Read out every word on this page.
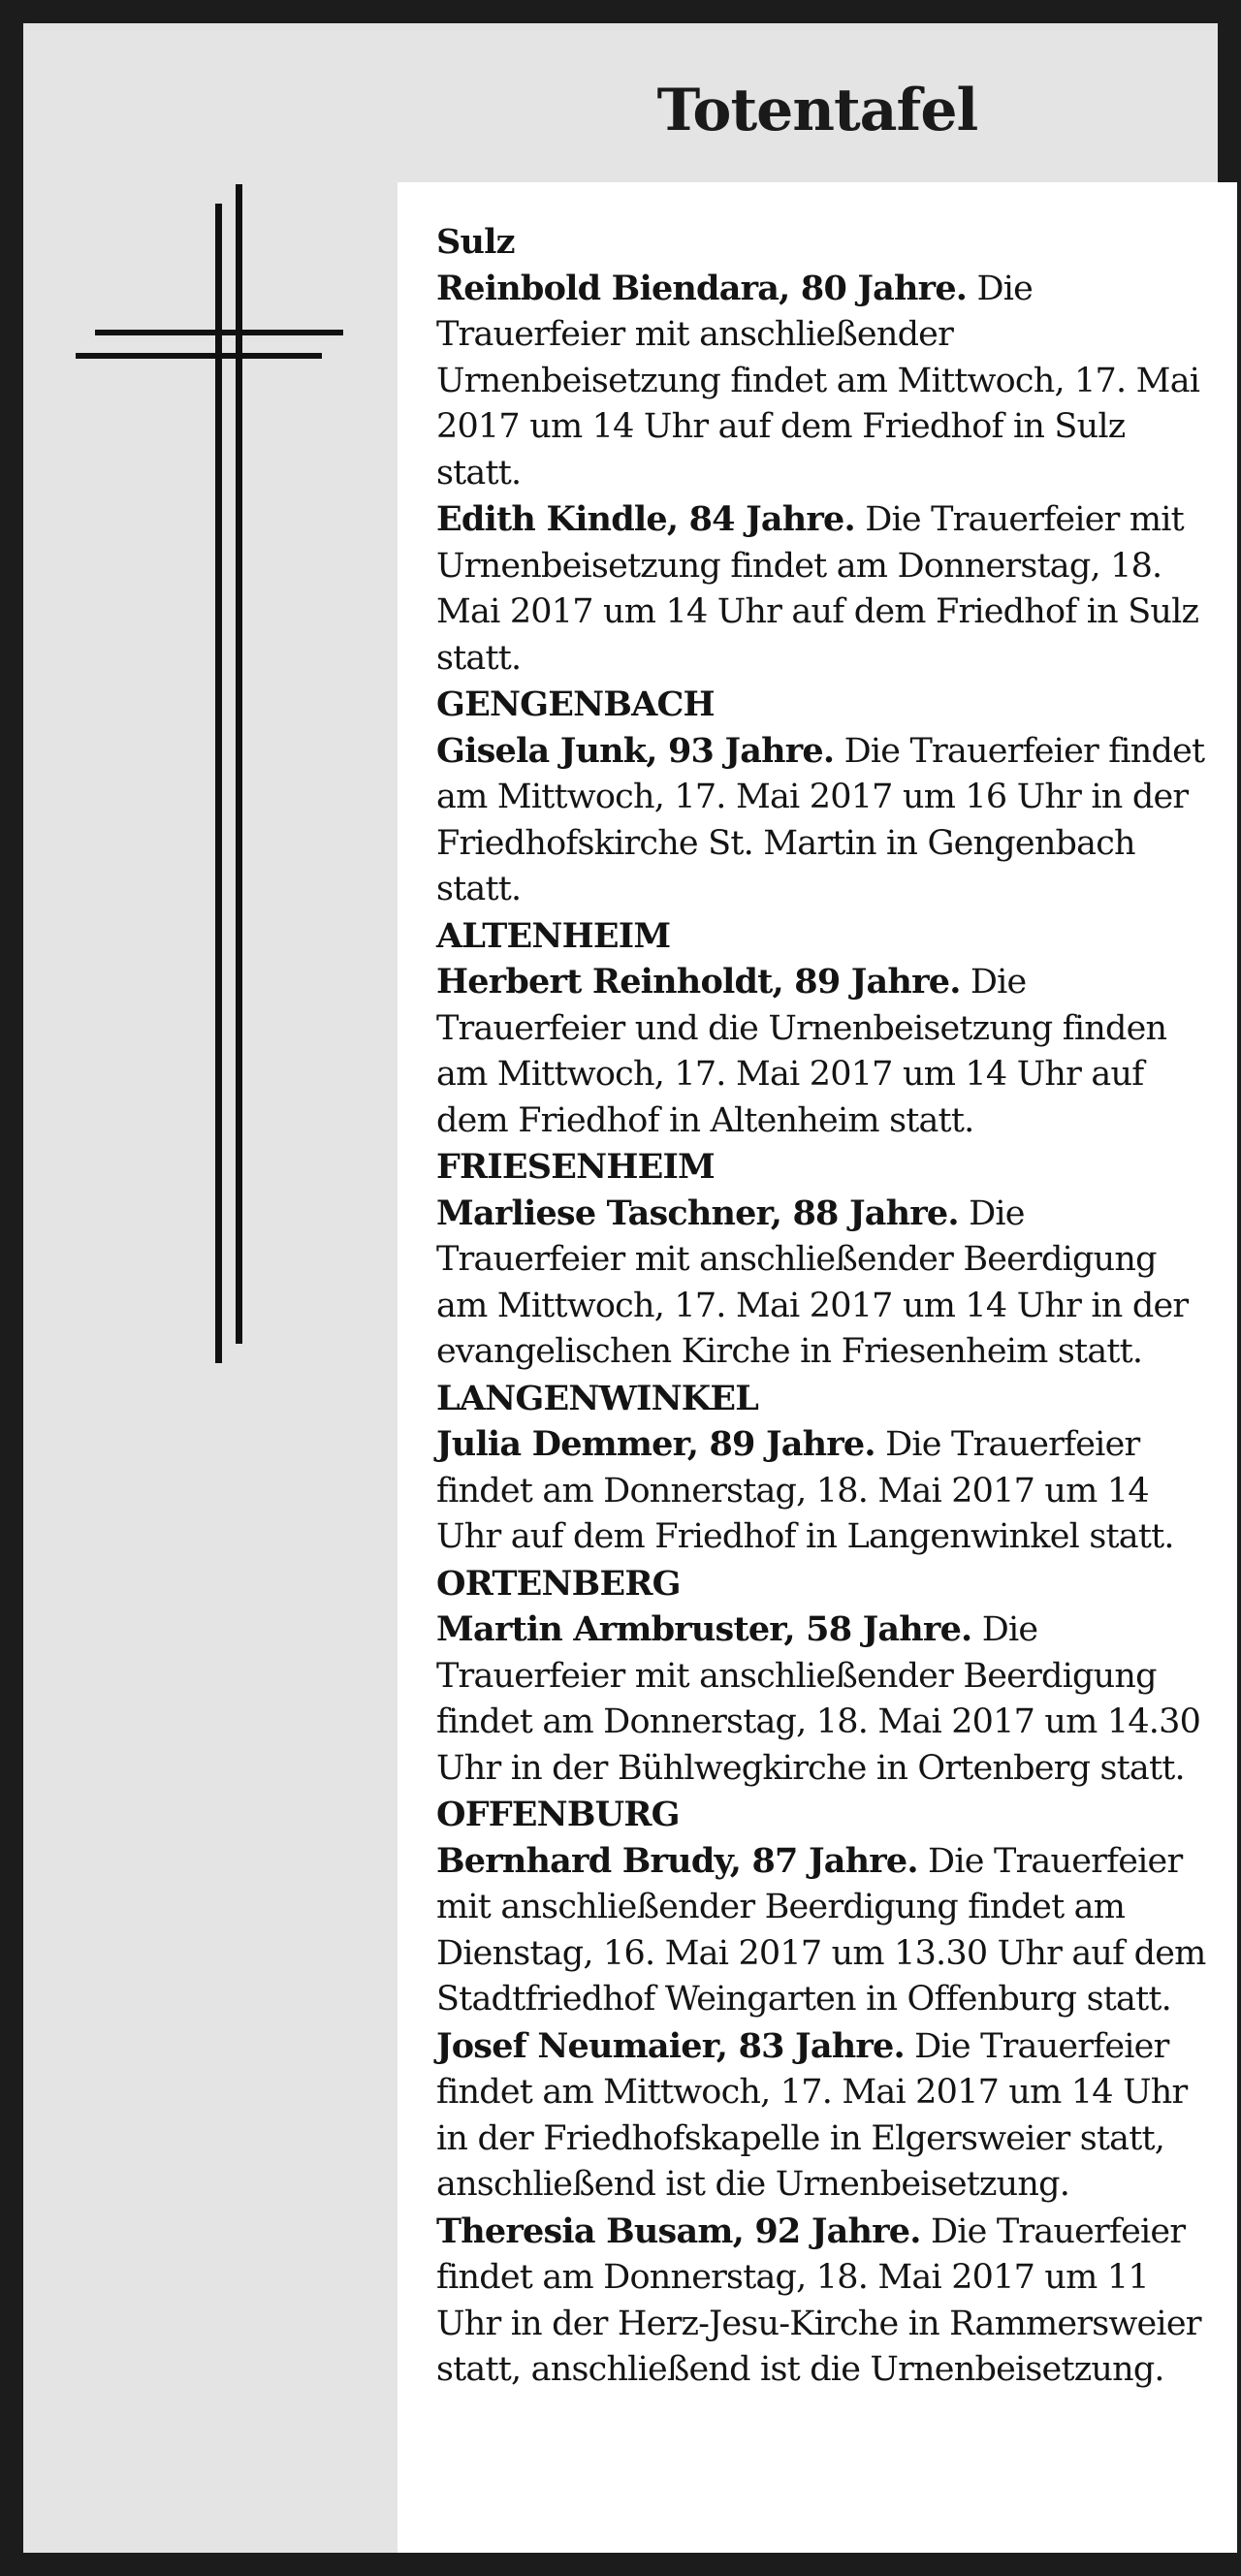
Totentafel
Sulz
Reinbold Biendara, 80 Jahre. Die Trauerfeier mit anschließender Urnenbeisetzung findet am Mittwoch, 17. Mai 2017 um 14 Uhr auf dem Friedhof in Sulz statt.
Edith Kindle, 84 Jahre. Die Trauerfeier mit Urnenbeisetzung findet am Donnerstag, 18. Mai 2017 um 14 Uhr auf dem Friedhof in Sulz statt.
GENGENBACH
Gisela Junk, 93 Jahre. Die Trauerfeier findet am Mittwoch, 17. Mai 2017 um 16 Uhr in der Friedhofskirche St. Martin in Gengenbach statt.
ALTENHEIM
Herbert Reinholdt, 89 Jahre. Die Trauerfeier und die Urnenbeisetzung finden am Mittwoch, 17. Mai 2017 um 14 Uhr auf dem Friedhof in Altenheim statt.
FRIESENHEIM
Marliese Taschner, 88 Jahre. Die Trauerfeier mit anschließender Beerdigung am Mittwoch, 17. Mai 2017 um 14 Uhr in der evangelischen Kirche in Friesenheim statt.
LANGENWINKEL
Julia Demmer, 89 Jahre. Die Trauerfeier findet am Donnerstag, 18. Mai 2017 um 14 Uhr auf dem Friedhof in Langenwinkel statt.
ORTENBERG
Martin Armbruster, 58 Jahre. Die Trauerfeier mit anschließender Beerdigung findet am Donnerstag, 18. Mai 2017 um 14.30 Uhr in der Bühlwegkirche in Ortenberg statt.
OFFENBURG
Bernhard Brudy, 87 Jahre. Die Trauerfeier mit anschließender Beerdigung findet am Dienstag, 16. Mai 2017 um 13.30 Uhr auf dem Stadtfriedhof Weingarten in Offenburg statt.
Josef Neumaier, 83 Jahre. Die Trauerfeier findet am Mittwoch, 17. Mai 2017 um 14 Uhr in der Friedhofskapelle in Elgersweier statt, anschließend ist die Urnenbeisetzung.
Theresia Busam, 92 Jahre. Die Trauerfeier findet am Donnerstag, 18. Mai 2017 um 11 Uhr in der Herz-Jesu-Kirche in Rammersweier statt, anschließend ist die Urnenbeisetzung.
